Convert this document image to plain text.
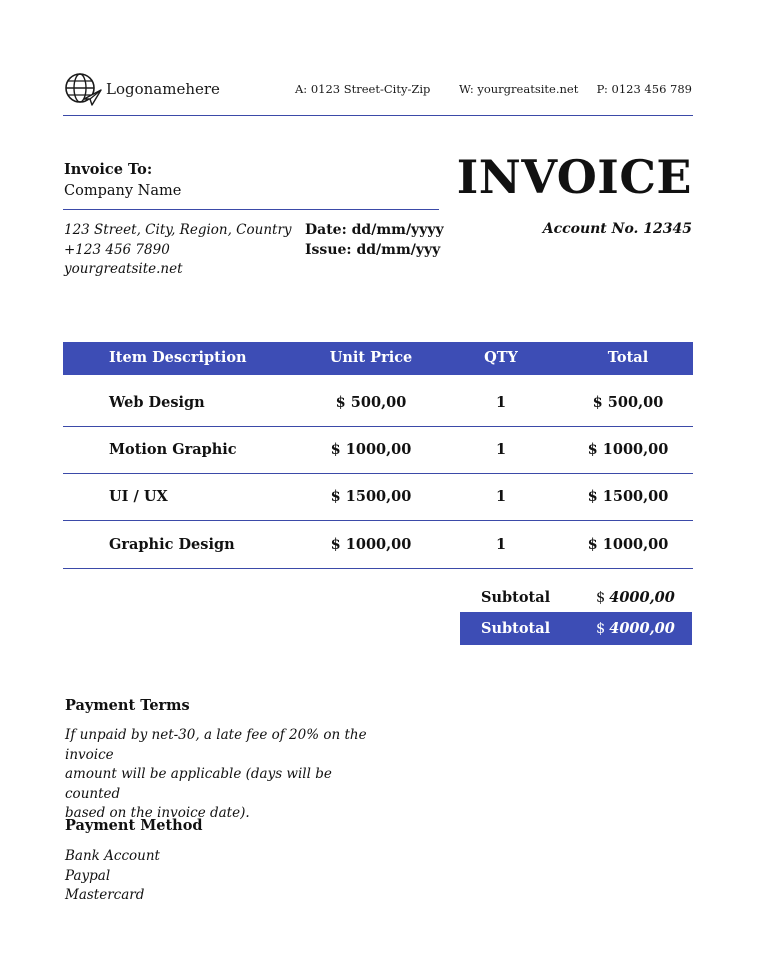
Logonamehere	A: 0123 Street-City-Zip W: yourgreatsite.net P: 0123 456 789
Invoice To:
Company Name	INVOICE
123 Street, City, Region, Country
+123 456 7890
yourgreatsite.net
Date: dd/mm/yyyy
Issue: dd/mm/yyy
Account No. 12345
Item Description	Unit Price	QTY	Total
Web Design	$ 500,00	1	$ 500,00
Motion Graphic	$ 1000,00	1	$ 1000,00
UI / UX	$ 1500,00	1	$ 1500,00
Graphic Design	$ 1000,00	1	$ 1000,00
Subtotal	$ 4000,00
Subtotal	$ 4000,00
Payment Terms
If unpaid by net-30, a late fee of 20% on the invoice
amount will be applicable (days will be counted
based on the invoice date).
Payment Method
Bank Account
Paypal
Mastercard
